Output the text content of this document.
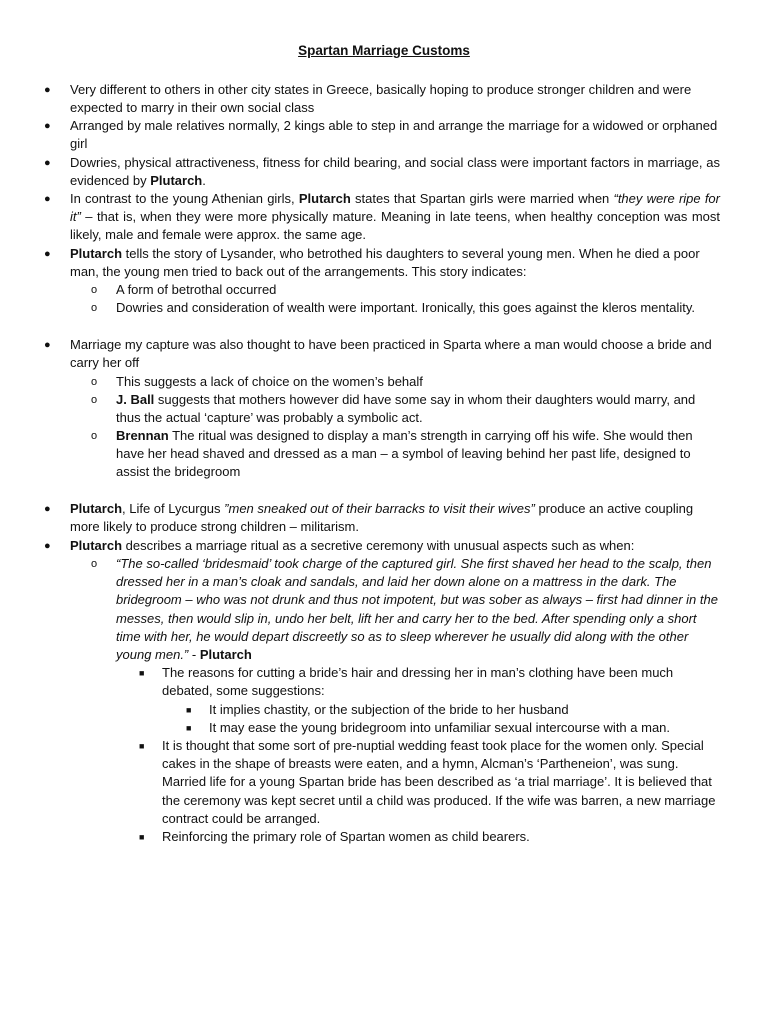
Spartan Marriage Customs
● Very different to others in other city states in Greece, basically hoping to produce stronger children and were expected to marry in their own social class
● Arranged by male relatives normally, 2 kings able to step in and arrange the marriage for a widowed or orphaned girl
● Dowries, physical attractiveness, fitness for child bearing, and social class were important factors in marriage, as evidenced by Plutarch.
● In contrast to the young Athenian girls, Plutarch states that Spartan girls were married when “they were ripe for it” – that is, when they were more physically mature. Meaning in late teens, when healthy conception was most likely, male and female were approx. the same age.
● Plutarch tells the story of Lysander, who betrothed his daughters to several young men. When he died a poor man, the young men tried to back out of the arrangements. This story indicates:
o A form of betrothal occurred
o Dowries and consideration of wealth were important. Ironically, this goes against the kleros mentality.
● Marriage my capture was also thought to have been practiced in Sparta where a man would choose a bride and carry her off
o This suggests a lack of choice on the women’s behalf
o J. Ball suggests that mothers however did have some say in whom their daughters would marry, and thus the actual ‘capture’ was probably a symbolic act.
o Brennan The ritual was designed to display a man’s strength in carrying off his wife. She would then have her head shaved and dressed as a man – a symbol of leaving behind her past life, designed to assist the bridegroom
● Plutarch, Life of Lycurgus ”men sneaked out of their barracks to visit their wives” produce an active coupling more likely to produce strong children – militarism.
● Plutarch describes a marriage ritual as a secretive ceremony with unusual aspects such as when:
o “The so-called ‘bridesmaid’ took charge of the captured girl. She first shaved her head to the scalp, then dressed her in a man’s cloak and sandals, and laid her down alone on a mattress in the dark. The bridegroom – who was not drunk and thus not impotent, but was sober as always – first had dinner in the messes, then would slip in, undo her belt, lift her and carry her to the bed. After spending only a short time with her, he would depart discreetly so as to sleep wherever he usually did along with the other young men.” - Plutarch
■ The reasons for cutting a bride’s hair and dressing her in man’s clothing have been much debated, some suggestions:
■ It implies chastity, or the subjection of the bride to her husband
■ It may ease the young bridegroom into unfamiliar sexual intercourse with a man.
■ It is thought that some sort of pre-nuptial wedding feast took place for the women only. Special cakes in the shape of breasts were eaten, and a hymn, Alcman’s ‘Partheneion’, was sung. Married life for a young Spartan bride has been described as ‘a trial marriage’. It is believed that the ceremony was kept secret until a child was produced. If the wife was barren, a new marriage contract could be arranged.
■ Reinforcing the primary role of Spartan women as child bearers.
